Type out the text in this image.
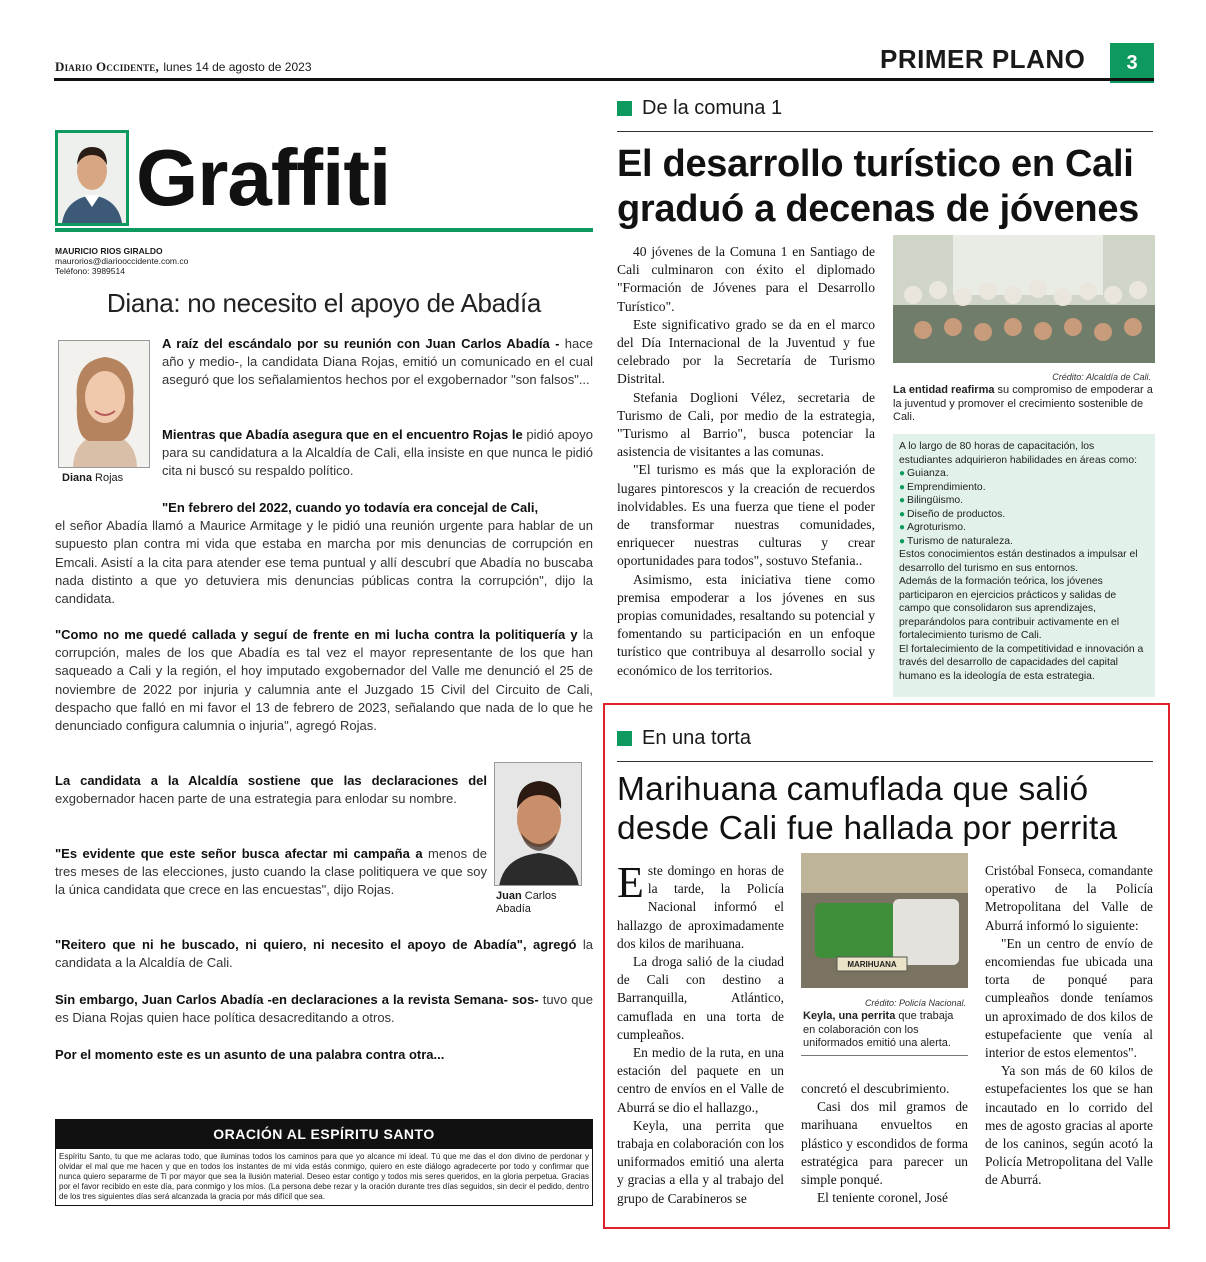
Diario Occidente, lunes 14 de agosto de 2023	PRIMER PLANO	3
Graffiti
MAURICIO RIOS GIRALDO
maurorios@diariooccidente.com.co
Teléfono: 3989514
Diana: no necesito el apoyo de Abadía
Diana Rojas
Juan Carlos Abadía
A raíz del escándalo por su reunión con Juan Carlos Abadía - hace año y medio-, la candidata Diana Rojas, emitió un comunicado en el cual aseguró que los señalamientos hechos por el exgobernador "son falsos"...
Mientras que Abadía asegura que en el encuentro Rojas le pidió apoyo para su candidatura a la Alcaldía de Cali, ella insiste en que nunca le pidió cita ni buscó su respaldo político.
"En febrero del 2022, cuando yo todavía era concejal de Cali,
el señor Abadía llamó a Maurice Armitage y le pidió una reunión urgente para hablar de un supuesto plan contra mi vida que estaba en marcha por mis denuncias de corrupción en Emcali. Asistí a la cita para atender ese tema puntual y allí descubrí que Abadía no buscaba nada distinto a que yo detuviera mis denuncias públicas contra la corrupción", dijo la candidata.
"Como no me quedé callada y seguí de frente en mi lucha contra la politiquería y la corrupción, males de los que Abadía es tal vez el mayor representante de los que han saqueado a Cali y la región, el hoy imputado exgobernador del Valle me denunció el 25 de noviembre de 2022 por injuria y calumnia ante el Juzgado 15 Civil del Circuito de Cali, despacho que falló en mi favor el 13 de febrero de 2023, señalando que nada de lo que he denunciado configura calumnia o injuria", agregó Rojas.
La candidata a la Alcaldía sostiene que las declaraciones del exgobernador hacen parte de una estrategia para enlodar su nombre.
"Es evidente que este señor busca afectar mi campaña a menos de tres meses de las elecciones, justo cuando la clase politiquera ve que soy la única candidata que crece en las encuestas", dijo Rojas.
"Reitero que ni he buscado, ni quiero, ni necesito el apoyo de Abadía", agregó la candidata a la Alcaldía de Cali.
Sin embargo, Juan Carlos Abadía -en declaraciones a la revista Semana- sos- tuvo que es Diana Rojas quien hace política desacreditando a otros.
Por el momento este es un asunto de una palabra contra otra...
ORACIÓN AL ESPÍRITU SANTO
Espíritu Santo, tu que me aclaras todo, que iluminas todos los caminos para que yo alcance mi ideal. Tú que me das el don divino de perdonar y olvidar el mal que me hacen y que en todos los instantes de mi vida estás conmigo, quiero en este diálogo agradecerte por todo y confirmar que nunca quiero separarme de Ti por mayor que sea la ilusión material. Deseo estar contigo y todos mis seres queridos, en la gloria perpetua. Gracias por el favor recibido en este día, para conmigo y los míos. (La persona debe rezar y la oración durante tres días seguidos, sin decir el pedido, dentro de los tres siguientes días será alcanzada la gracia por más difícil que sea.
De la comuna 1
El desarrollo turístico en Cali graduó a decenas de jóvenes

40 jóvenes de la Comuna 1 en Santiago de Cali culminaron con éxito el diplomado "Formación de Jóvenes para el Desarrollo Turístico".

Este significativo grado se da en el marco del Día Internacional de la Juventud y fue celebrado por la Secretaría de Turismo Distrital.

Stefania Doglioni Vélez, secretaria de Turismo de Cali, por medio de la estrategia, "Turismo al Barrio", busca potenciar la asistencia de visitantes a las comunas.

"El turismo es más que la exploración de lugares pintorescos y la creación de recuerdos inolvidables. Es una fuerza que tiene el poder de transformar nuestras comunidades, enriquecer nuestras culturas y crear oportunidades para todos", sostuvo Stefania..

Asimismo, esta iniciativa tiene como premisa empoderar a los jóvenes en sus propias comunidades, resaltando su potencial y fomentando su participación en un enfoque turístico que contribuya al desarrollo social y económico de los territorios.

Crédito: Alcaldía de Cali.
La entidad reafirma su compromiso de empoderar a la juventud y promover el crecimiento sostenible de Cali.
A lo largo de 80 horas de capacitación, los estudiantes adquirieron habilidades en áreas como:
● Guianza.
● Emprendimiento.
● Bilingüismo.
● Diseño de productos.
● Agroturismo.
● Turismo de naturaleza.
Estos conocimientos están destinados a impulsar el desarrollo del turismo en sus entornos.
Además de la formación teórica, los jóvenes participaron en ejercicios prácticos y salidas de campo que consolidaron sus aprendizajes, preparándolos para contribuir activamente en el fortalecimiento turismo de Cali.
El fortalecimiento de la competitividad e innovación a través del desarrollo de capacidades del capital humano es la ideología de esta estrategia.
En una torta
Marihuana camuflada que salió desde Cali fue hallada por perrita
Este domingo en horas de la tarde, la Policía Nacional informó el hallazgo de aproximadamente dos kilos de marihuana.

La droga salió de la ciudad de Cali con destino a Barranquilla, Atlántico, camuflada en una torta de cumpleaños.

En medio de la ruta, en una estación del paquete en un centro de envíos en el Valle de Aburrá se dio el hallazgo.,

Keyla, una perrita que trabaja en colaboración con los uniformados emitió una alerta y gracias a ella y al trabajo del grupo de Carabineros se

MARIHUANA
Crédito: Policía Nacional.
Keyla, una perrita que trabaja en colaboración con los uniformados emitió una alerta.
concretó el descubrimiento.

Casi dos mil gramos de marihuana envueltos en plástico y escondidos de forma estratégica para parecer un simple ponqué.

El teniente coronel, José

Cristóbal Fonseca, comandante operativo de la Policía Metropolitana del Valle de Aburrá informó lo siguiente:

"En un centro de envío de encomiendas fue ubicada una torta de ponqué para cumpleaños donde teníamos un aproximado de dos kilos de estupefaciente que venía al interior de estos elementos".

Ya son más de 60 kilos de estupefacientes los que se han incautado en lo corrido del mes de agosto gracias al aporte de los caninos, según acotó la Policía Metropolitana del Valle de Aburrá.
